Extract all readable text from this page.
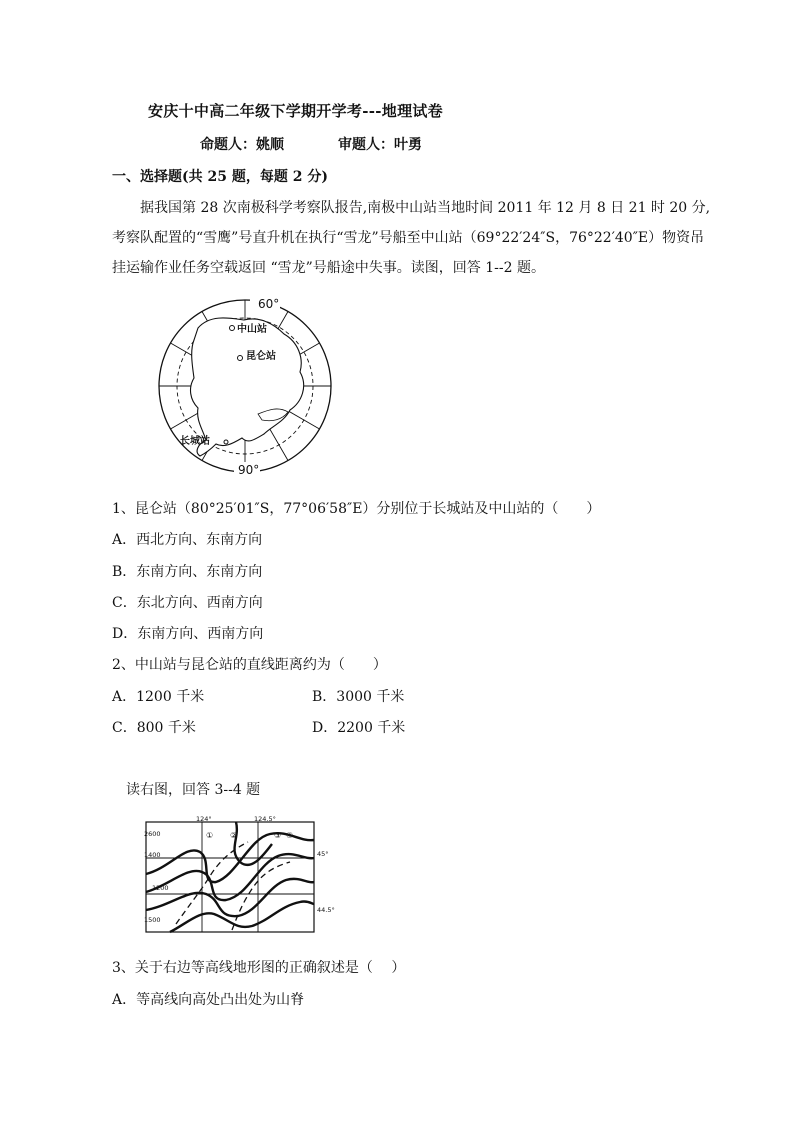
安庆十中高二年级下学期开学考---地理试卷
命题人：姚顺	审题人：叶勇
一、选择题(共 25 题，每题 2 分)
据我国第 28 次南极科学考察队报告,南极中山站当地时间 2011 年 12 月 8 日 21 时 20 分,
考察队配置的“雪鹰”号直升机在执行“雪龙”号船至中山站（69°22′24″S，76°22′40″E）物资吊
挂运输作业任务空载返回 “雪龙”号船途中失事。读图，回答 1--2 题。
中山站
昆仑站
长城站
60°
90°
1、昆仑站（80°25′01″S，77°06′58″E）分别位于长城站及中山站的（　　）
A．西北方向、东南方向
B．东南方向、东南方向
C．东北方向、西南方向
D．东南方向、西南方向
2、中山站与昆仑站的直线距离约为（　　）
A．1200 千米	B．3000 千米
C．800 千米	D．2200 千米
读右图，回答 3--4 题
2600
1400
1200
1500
124°	124.5°
45°
44.5°
① ②	③ ④
3、关于右边等高线地形图的正确叙述是（　 ）
A．等高线向高处凸出处为山脊
